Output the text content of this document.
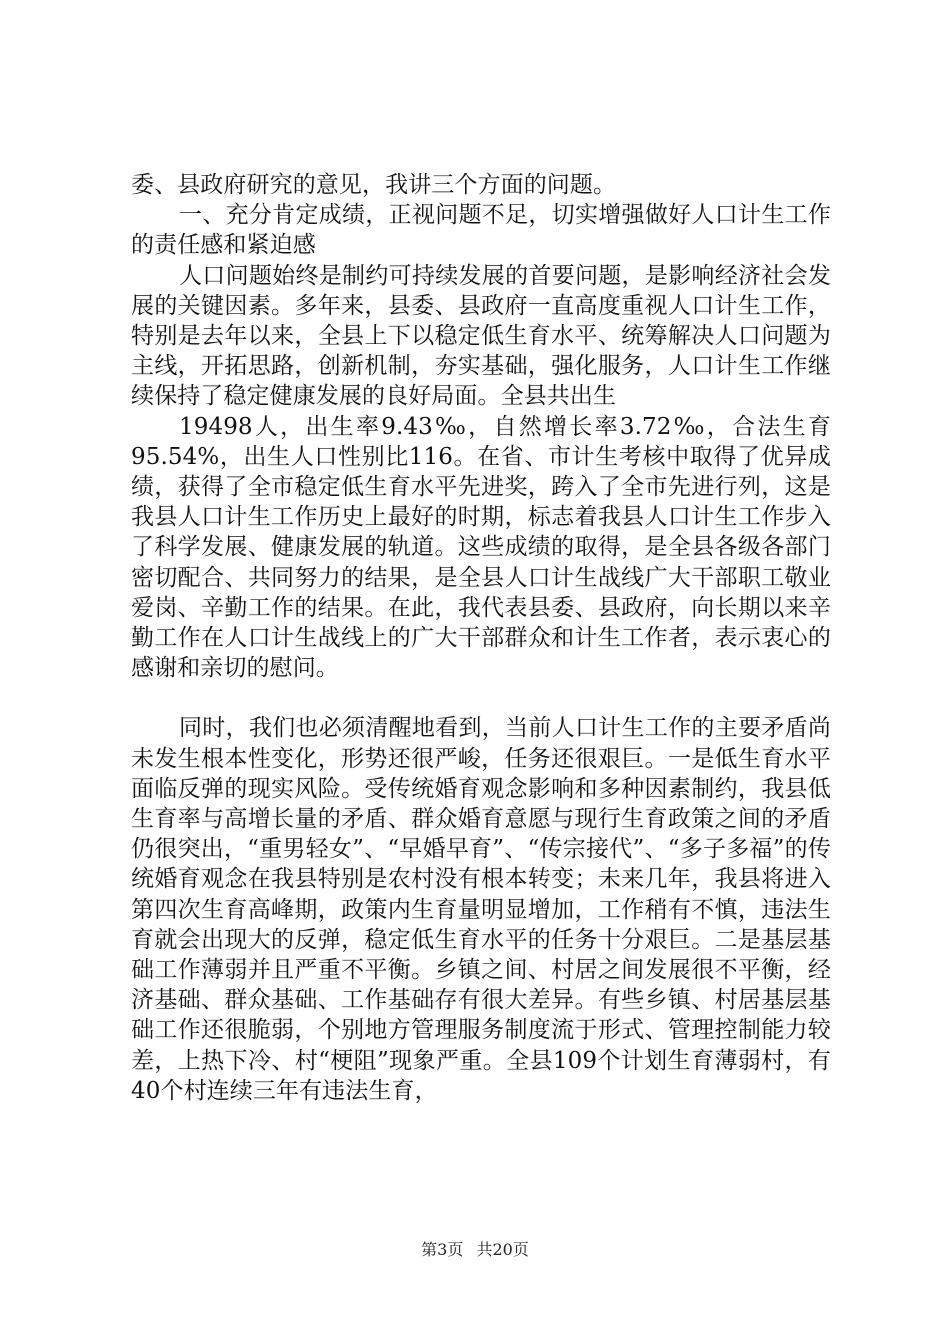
委、县政府研究的意见，我讲三个方面的问题。

一、充分肯定成绩，正视问题不足，切实增强做好人口计生工作的责任感和紧迫感

人口问题始终是制约可持续发展的首要问题，是影响经济社会发展的关键因素。多年来，县委、县政府一直高度重视人口计生工作，特别是去年以来，全县上下以稳定低生育水平、统筹解决人口问题为主线，开拓思路，创新机制，夯实基础，强化服务，人口计生工作继续保持了稳定健康发展的良好局面。全县共出生

19498人，出生率9.43‰，自然增长率3.72‰，合法生育95.54%，出生人口性别比116。在省、市计生考核中取得了优异成绩，获得了全市稳定低生育水平先进奖，跨入了全市先进行列，这是我县人口计生工作历史上最好的时期，标志着我县人口计生工作步入了科学发展、健康发展的轨道。这些成绩的取得，是全县各级各部门密切配合、共同努力的结果，是全县人口计生战线广大干部职工敬业爱岗、辛勤工作的结果。在此，我代表县委、县政府，向长期以来辛勤工作在人口计生战线上的广大干部群众和计生工作者，表示衷心的感谢和亲切的慰问。

同时，我们也必须清醒地看到，当前人口计生工作的主要矛盾尚未发生根本性变化，形势还很严峻，任务还很艰巨。一是低生育水平面临反弹的现实风险。受传统婚育观念影响和多种因素制约，我县低生育率与高增长量的矛盾、群众婚育意愿与现行生育政策之间的矛盾仍很突出，“重男轻女”、“早婚早育”、“传宗接代”、“多子多福”的传统婚育观念在我县特别是农村没有根本转变；未来几年，我县将进入第四次生育高峰期，政策内生育量明显增加，工作稍有不慎，违法生育就会出现大的反弹，稳定低生育水平的任务十分艰巨。二是基层基础工作薄弱并且严重不平衡。乡镇之间、村居之间发展很不平衡，经济基础、群众基础、工作基础存有很大差异。有些乡镇、村居基层基础工作还很脆弱，个别地方管理服务制度流于形式、管理控制能力较差，上热下冷、村“梗阻”现象严重。全县109个计划生育薄弱村，有40个村连续三年有违法生育，

第3页 共20页
